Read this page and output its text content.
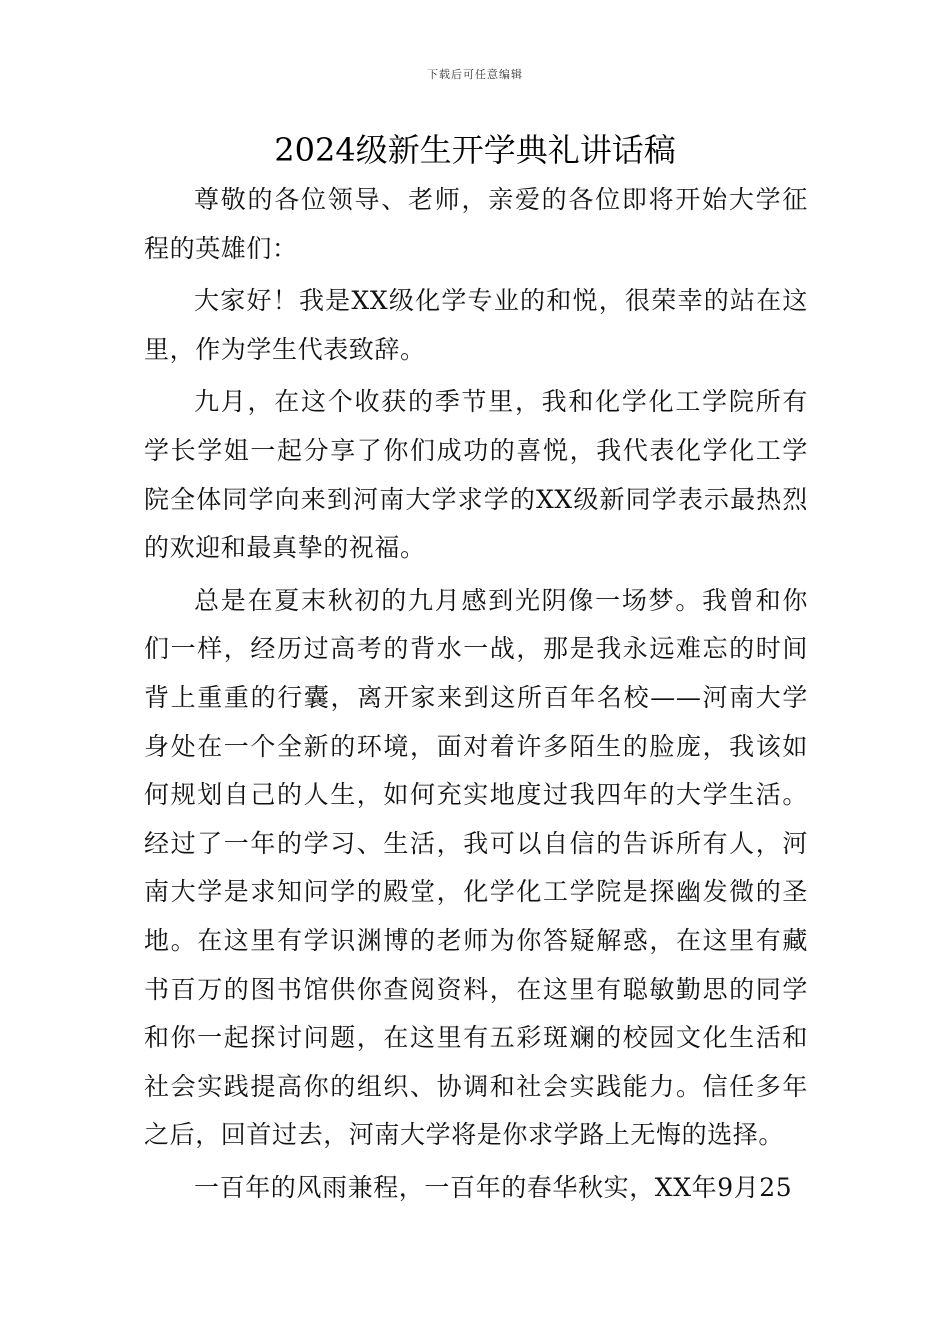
下载后可任意编辑
2024级新生开学典礼讲话稿

尊敬的各位领导、老师，亲爱的各位即将开始大学征程的英雄们：

大家好！我是XX级化学专业的和悦，很荣幸的站在这里，作为学生代表致辞。

九月，在这个收获的季节里，我和化学化工学院所有学长学姐一起分享了你们成功的喜悦，我代表化学化工学院全体同学向来到河南大学求学的XX级新同学表示最热烈的欢迎和最真挚的祝福。

总是在夏末秋初的九月感到光阴像一场梦。我曾和你们一样，经历过高考的背水一战，那是我永远难忘的时间背上重重的行囊，离开家来到这所百年名校——河南大学身处在一个全新的环境，面对着许多陌生的脸庞，我该如何规划自己的人生，如何充实地度过我四年的大学生活。经过了一年的学习、生活，我可以自信的告诉所有人，河南大学是求知问学的殿堂，化学化工学院是探幽发微的圣地。在这里有学识渊博的老师为你答疑解惑，在这里有藏书百万的图书馆供你查阅资料，在这里有聪敏勤思的同学和你一起探讨问题，在这里有五彩斑斓的校园文化生活和社会实践提高你的组织、协调和社会实践能力。信任多年之后，回首过去，河南大学将是你求学路上无悔的选择。

一百年的风雨兼程，一百年的春华秋实，XX年9月25
